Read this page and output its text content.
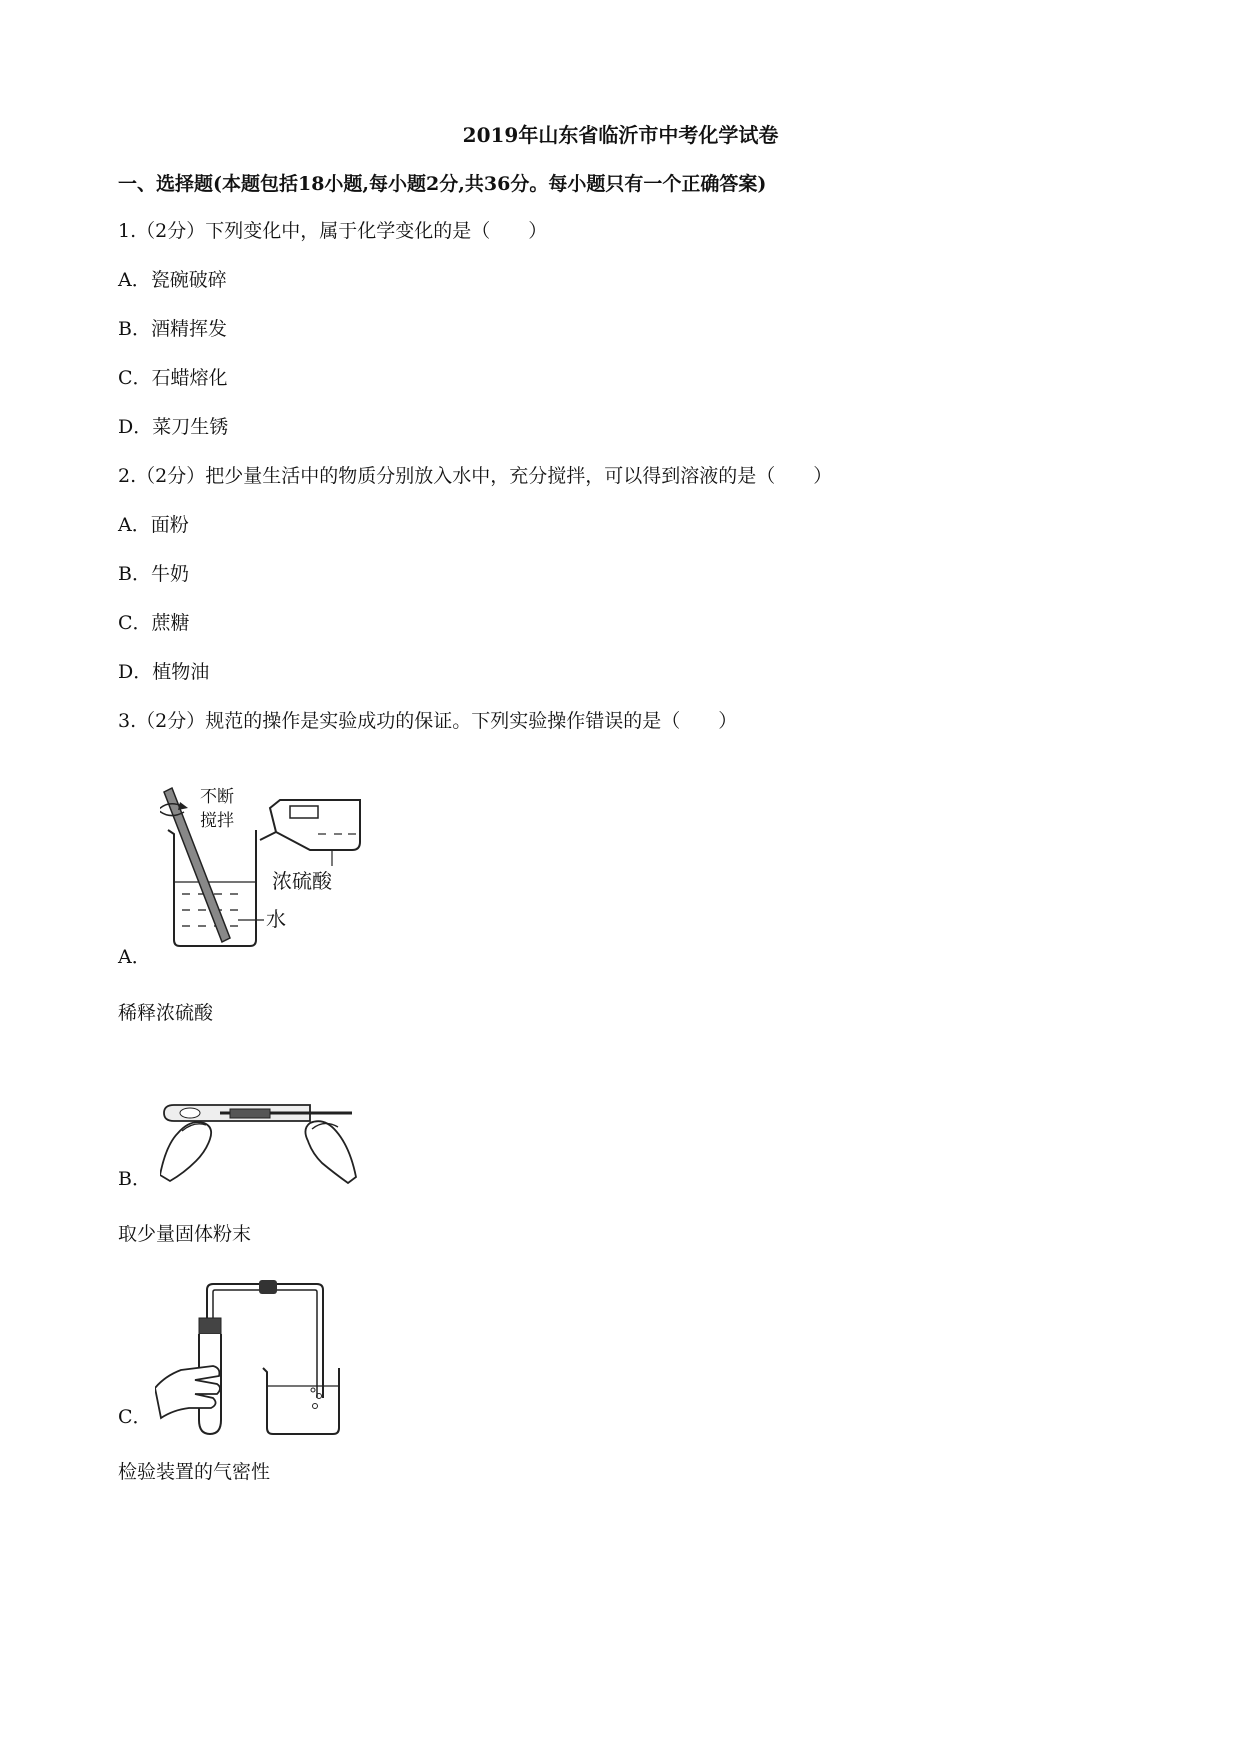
2019年山东省临沂市中考化学试卷
一、选择题(本题包括18小题,每小题2分,共36分。每小题只有一个正确答案)
1.（2分）下列变化中，属于化学变化的是（　　）
A．瓷碗破碎
B．酒精挥发
C．石蜡熔化
D．菜刀生锈
2.（2分）把少量生活中的物质分别放入水中，充分搅拌，可以得到溶液的是（　　）
A．面粉
B．牛奶
C．蔗糖
D．植物油
3.（2分）规范的操作是实验成功的保证。下列实验操作错误的是（　　）
不断
搅拌
浓硫酸
水
A．
稀释浓硫酸
B．
取少量固体粉末
C．
检验装置的气密性
